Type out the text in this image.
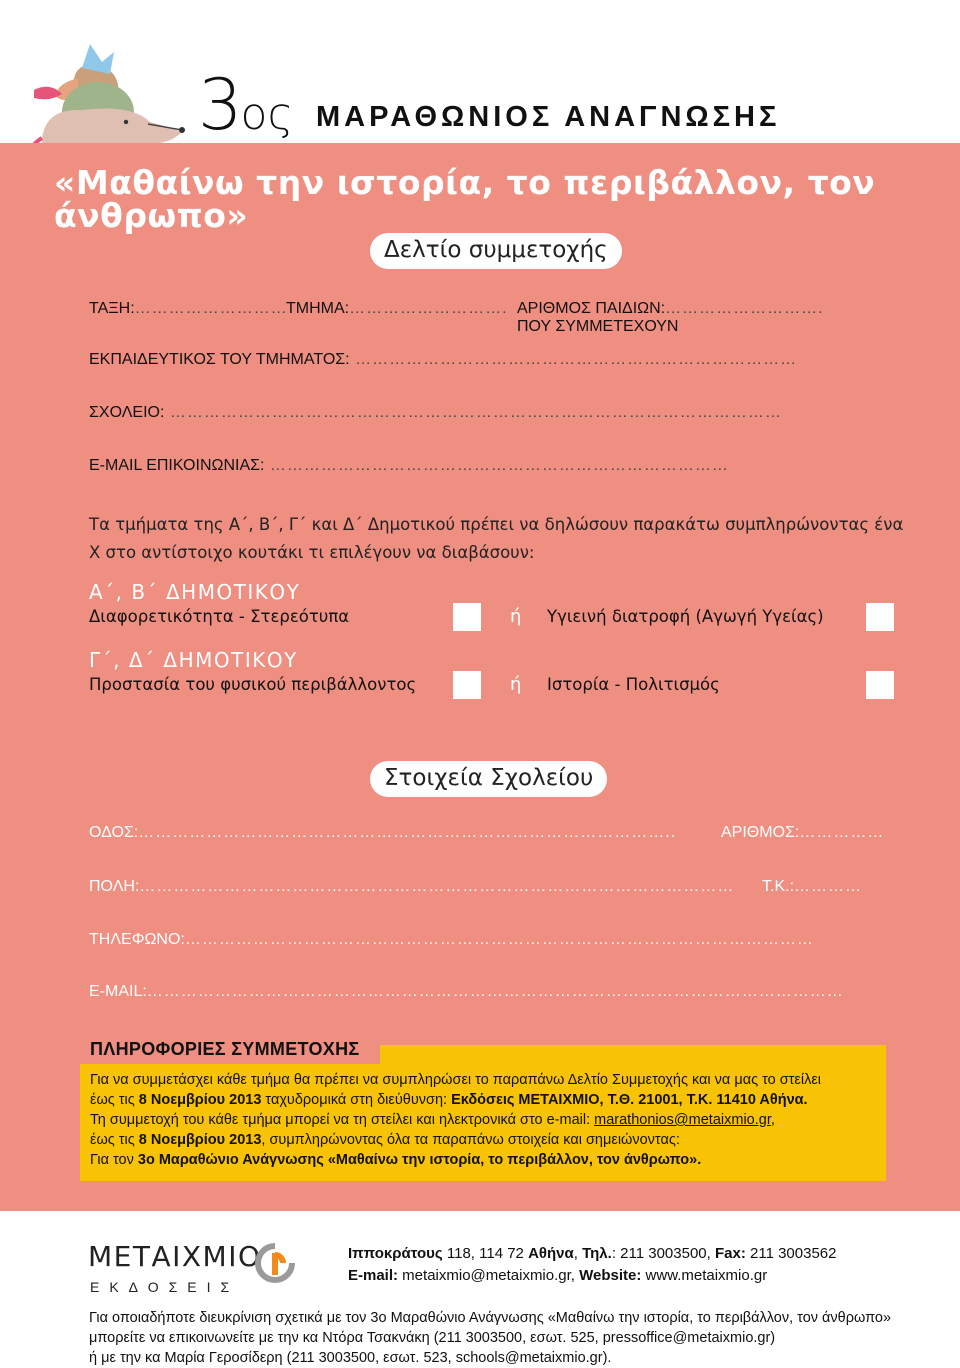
3ος ΜΑΡΑΘΩΝΙΟΣ ΑΝΑΓΝΩΣΗΣ
«Μαθαίνω την ιστορία, το περιβάλλον, τον άνθρωπο»
Δελτίο συμμετοχής
ΤΑΞΗ:………………………
ΤΜΗΜΑ:………………………. ΑΡΙΘΜΟΣ ΠΑΙΔΙΩΝ:……………………….
ΠΟΥ ΣΥΜΜΕΤΕΧΟΥΝ
ΕΚΠΑΙΔΕΥΤΙΚΟΣ ΤΟΥ ΤΜΗΜΑΤΟΣ: ……………………………………………………………………
ΣΧΟΛΕΙΟ: ………………………………………………………………………………………………
E-MAIL ΕΠΙΚΟΙΝΩΝΙΑΣ: ………………………………………………………………………
Τα τμήματα της Α΄, Β΄, Γ΄ και Δ΄ Δημοτικού πρέπει να δηλώσουν παρακάτω συμπληρώνοντας ένα Χ στο αντίστοιχο κουτάκι τι επιλέγουν να διαβάσουν:
Α΄, Β΄ ΔΗΜΟΤΙΚΟΥ
Διαφορετικότητα - Στερεότυπα	ή Υγιεινή διατροφή (Αγωγή Υγείας)
Γ΄, Δ΄ ΔΗΜΟΤΙΚΟΥ
Προστασία του φυσικού περιβάλλοντος	ή Ιστορία - Πολιτισμός
Στοιχεία Σχολείου
ΟΔΟΣ:…………………………………………………………………………………..	ΑΡΙΘΜΟΣ:……………
ΠΟΛΗ:…………………………………………………………………………………………… Τ.Κ.:…………
ΤΗΛΕΦΩΝΟ:…………………………………………………………………………………………………
E-MAIL:……………………………………………………………………………………………………………
ΠΛΗΡΟΦΟΡΙΕΣ ΣΥΜΜΕΤΟΧΗΣ
Για να συμμετάσχει κάθε τμήμα θα πρέπει να συμπληρώσει το παραπάνω Δελτίο Συμμετοχής και να μας το στείλει
έως τις 8 Νοεμβρίου 2013 ταχυδρομικά στη διεύθυνση: Εκδόσεις ΜΕΤΑΙΧΜΙΟ, Τ.Θ. 21001, Τ.Κ. 11410 Αθήνα.
Τη συμμετοχή του κάθε τμήμα μπορεί να τη στείλει και ηλεκτρονικά στο e-mail: marathonios@metaixmio.gr,
έως τις 8 Νοεμβρίου 2013, συμπληρώνοντας όλα τα παραπάνω στοιχεία και σημειώνοντας:
Για τον 3ο Μαραθώνιο Ανάγνωσης «Μαθαίνω την ιστορία, το περιβάλλον, τον άνθρωπο».
ΜΕΤΑΙΧΜΙΟ
ΕΚΔΟΣΕΙΣ
Ιπποκράτους 118, 114 72 Αθήνα, Τηλ.: 211 3003500, Fax: 211 3003562
E-mail: metaixmio@metaixmio.gr, Website: www.metaixmio.gr
Για οποιαδήποτε διευκρίνιση σχετικά με τον 3ο Μαραθώνιο Ανάγνωσης «Μαθαίνω την ιστορία, το περιβάλλον, τον άνθρωπο»
μπορείτε να επικοινωνείτε με την κα Ντόρα Τσακνάκη (211 3003500, εσωτ. 525, pressoffice@metaixmio.gr)
ή με την κα Μαρία Γεροσίδερη (211 3003500, εσωτ. 523, schools@metaixmio.gr).
